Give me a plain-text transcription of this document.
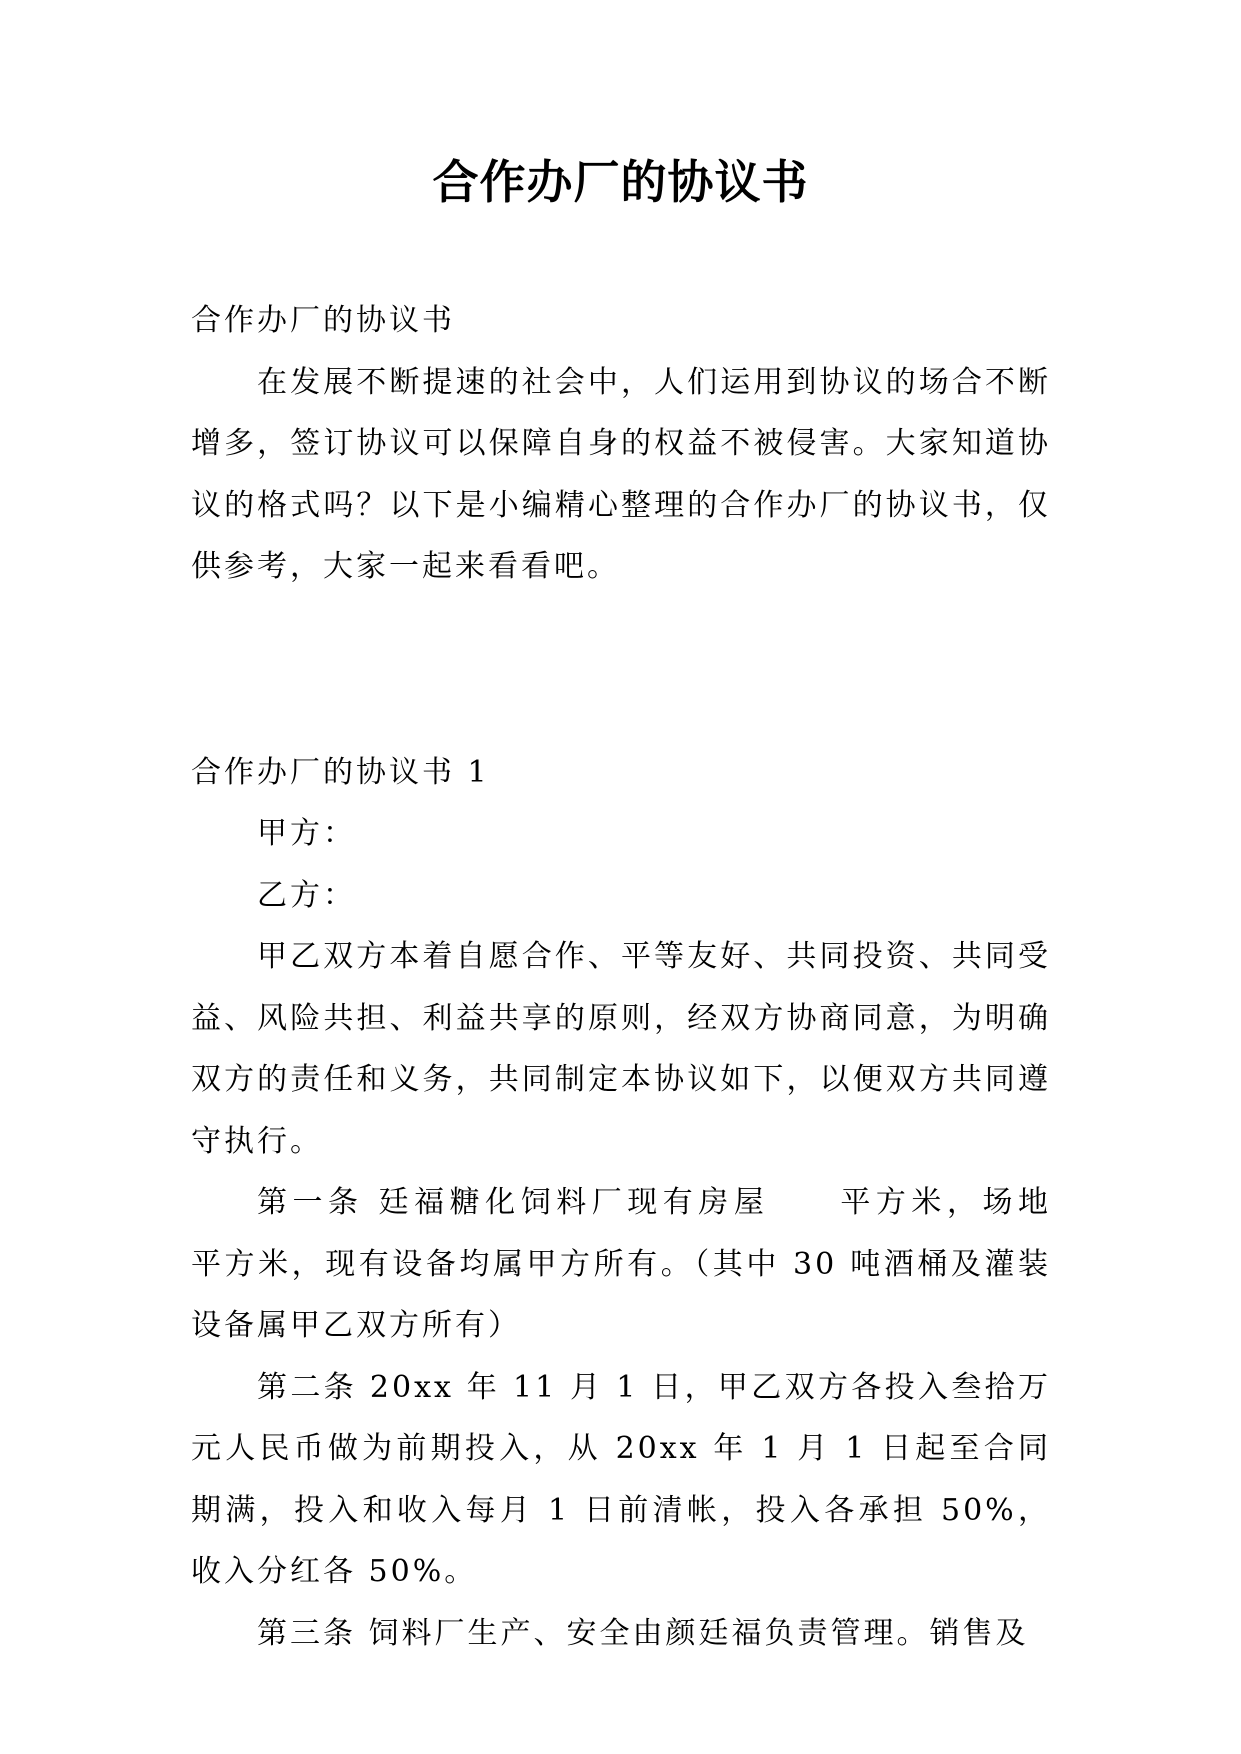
合作办厂的协议书

合作办厂的协议书

在发展不断提速的社会中，人们运用到协议的场合不断增多，签订协议可以保障自身的权益不被侵害。大家知道协议的格式吗？以下是小编精心整理的合作办厂的协议书，仅供参考，大家一起来看看吧。

合作办厂的协议书 1

甲方：

乙方：

甲乙双方本着自愿合作、平等友好、共同投资、共同受益、风险共担、利益共享的原则，经双方协商同意，为明确双方的责任和义务，共同制定本协议如下，以便双方共同遵守执行。

第一条 廷福糖化饲料厂现有房屋　　平方米，场地　　平方米，现有设备均属甲方所有。（其中 30 吨酒桶及灌装设备属甲乙双方所有）

第二条 20xx 年 11 月 1 日，甲乙双方各投入叁拾万元人民币做为前期投入，从 20xx 年 1 月 1 日起至合同期满，投入和收入每月 1 日前清帐，投入各承担 50%，收入分红各 50%。

第三条 饲料厂生产、安全由颜廷福负责管理。销售及
